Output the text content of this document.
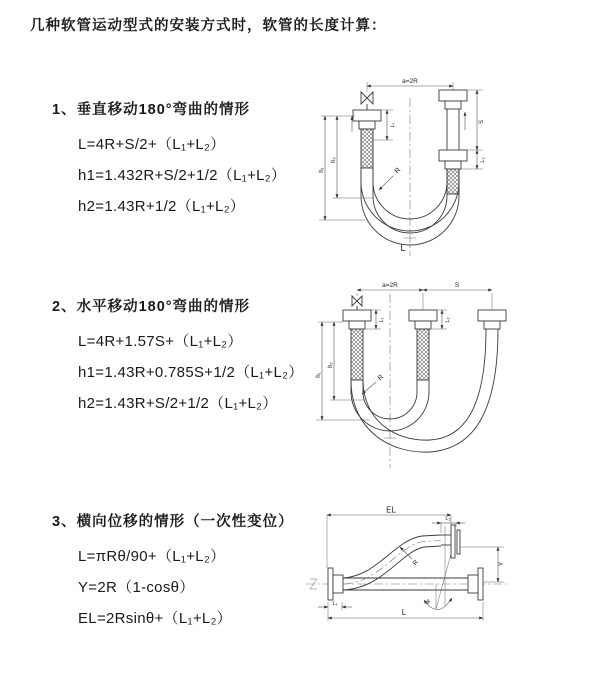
几种软管运动型式的安装方式时，软管的长度计算：
1、垂直移动180°弯曲的情形
L=4R+S/2+（L₁+L₂）
h1=1.432R+S/2+1/2（L₁+L₂）
h2=1.43R+1/2（L₁+L₂）
2、水平移动180°弯曲的情形
L=4R+1.57S+（L₁+L₂）
h1=1.43R+0.785S+1/2（L₁+L₂）
h2=1.43R+S/2+1/2（L₁+L₂）
3、横向位移的情形（一次性变位）
L=πRθ/90+（L₁+L₂）
Y=2R（1-cosθ）
EL=2Rsinθ+（L₁+L₂）
a=2R
L₁
S
L₂
h₂
h₁	R
L
a=2R	S
L₁	L₂
h₂
h₁	R
EL
L₂
Y
R
θ
L₁
L
